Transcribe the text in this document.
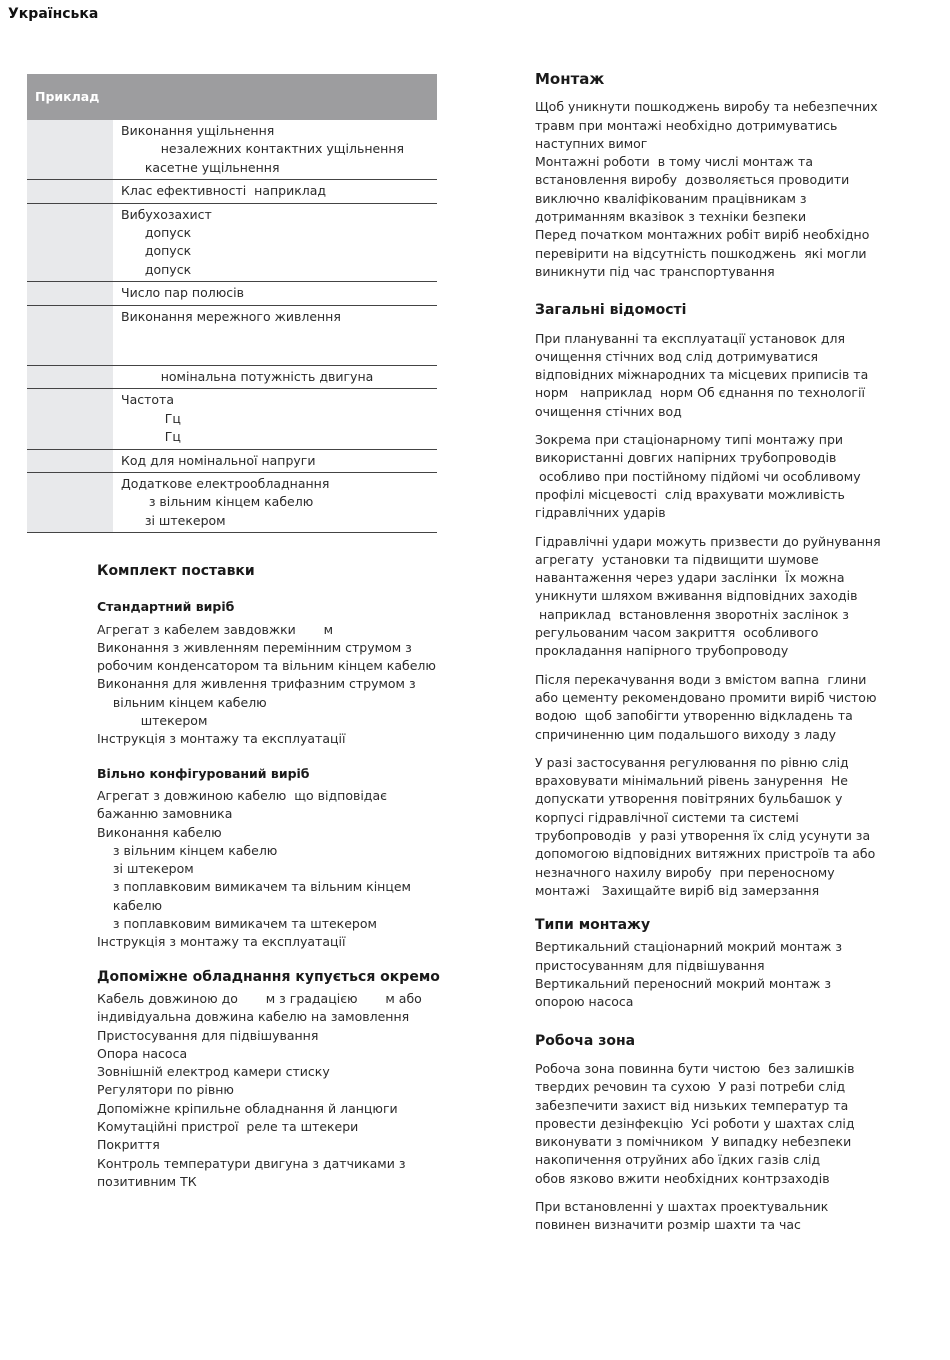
Українська
Приклад	

	Виконання ущільнення
незалежних контактних ущільнення
касетне ущільнення

	Клас ефективності  наприклад

	Вибухозахист
допуск
допуск
допуск

	Число пар полюсів

	Виконання мережного живлення

	номінальна потужність двигуна

	Частота
Гц
Гц

	Код для номінальної напруги

	Додаткове електрообладнання
з вільним кінцем кабелю
зі штекером
Комплект поставки
Стандартний виріб
Агрегат з кабелем завдовжки       м
Виконання з живленням перемінним струмом з
робочим конденсатором та вільним кінцем кабелю
Виконання для живлення трифазним струмом з
вільним кінцем кабелю
штекером
Інструкція з монтажу та експлуатації
Вільно конфігурований виріб
Агрегат з довжиною кабелю  що відповідає
бажанню замовника
Виконання кабелю
з вільним кінцем кабелю
зі штекером
з поплавковим вимикачем та вільним кінцем
кабелю
з поплавковим вимикачем та штекером
Інструкція з монтажу та експлуатації
Допоміжне обладнання купується окремо
Кабель довжиною до       м з градацією       м або
індивідуальна довжина кабелю на замовлення
Пристосування для підвішування
Опора насоса
Зовнішній електрод камери стиску
Регулятори по рівню
Допоміжне кріпильне обладнання й ланцюги
Комутаційні пристрої  реле та штекери
Покриття
Контроль температури двигуна з датчиками з
позитивним ТК
Монтаж
Щоб уникнути пошкоджень виробу та небезпечних
травм при монтажі необхідно дотримуватись
наступних вимог
Монтажні роботи  в тому числі монтаж та
встановлення виробу  дозволяється проводити
виключно кваліфікованим працівникам з
дотриманням вказівок з техніки безпеки
Перед початком монтажних робіт виріб необхідно
перевірити на відсутність пошкоджень  які могли
виникнути під час транспортування
Загальні відомості
При плануванні та експлуатації установок для
очищення стічних вод слід дотримуватися
відповідних міжнародних та місцевих приписів та
норм   наприклад  норм Об єднання по технології
очищення стічних вод
Зокрема при стаціонарному типі монтажу при
використанні довгих напірних трубопроводів
особливо при постійному підйомі чи особливому
профілі місцевості  слід врахувати можливість
гідравлічних ударів
Гідравлічні удари можуть призвести до руйнування
агрегату  установки та підвищити шумове
навантаження через удари заслінки  Їх можна
уникнути шляхом вживання відповідних заходів
наприклад  встановлення зворотніх заслінок з
регульованим часом закриття  особливого
прокладання напірного трубопроводу
Після перекачування води з вмістом вапна  глини
або цементу рекомендовано промити виріб чистою
водою  щоб запобігти утворенню відкладень та
спричиненню цим подальшого виходу з ладу
У разі застосування регулювання по рівню слід
враховувати мінімальний рівень занурення  Не
допускати утворення повітряних бульбашок у
корпусі гідравлічної системи та системі
трубопроводів  у разі утворення їх слід усунути за
допомогою відповідних витяжних пристроїв та або
незначного нахилу виробу  при переносному
монтажі   Захищайте виріб від замерзання
Типи монтажу
Вертикальний стаціонарний мокрий монтаж з
пристосуванням для підвішування
Вертикальний переносний мокрий монтаж з
опорою насоса
Робоча зона
Робоча зона повинна бути чистою  без залишків
твердих речовин та сухою  У разі потреби слід
забезпечити захист від низьких температур та
провести дезінфекцію  Усі роботи у шахтах слід
виконувати з помічником  У випадку небезпеки
накопичення отруйних або їдких газів слід
обов язково вжити необхідних контрзаходів
При встановленні у шахтах проектувальник
повинен визначити розмір шахти та час
